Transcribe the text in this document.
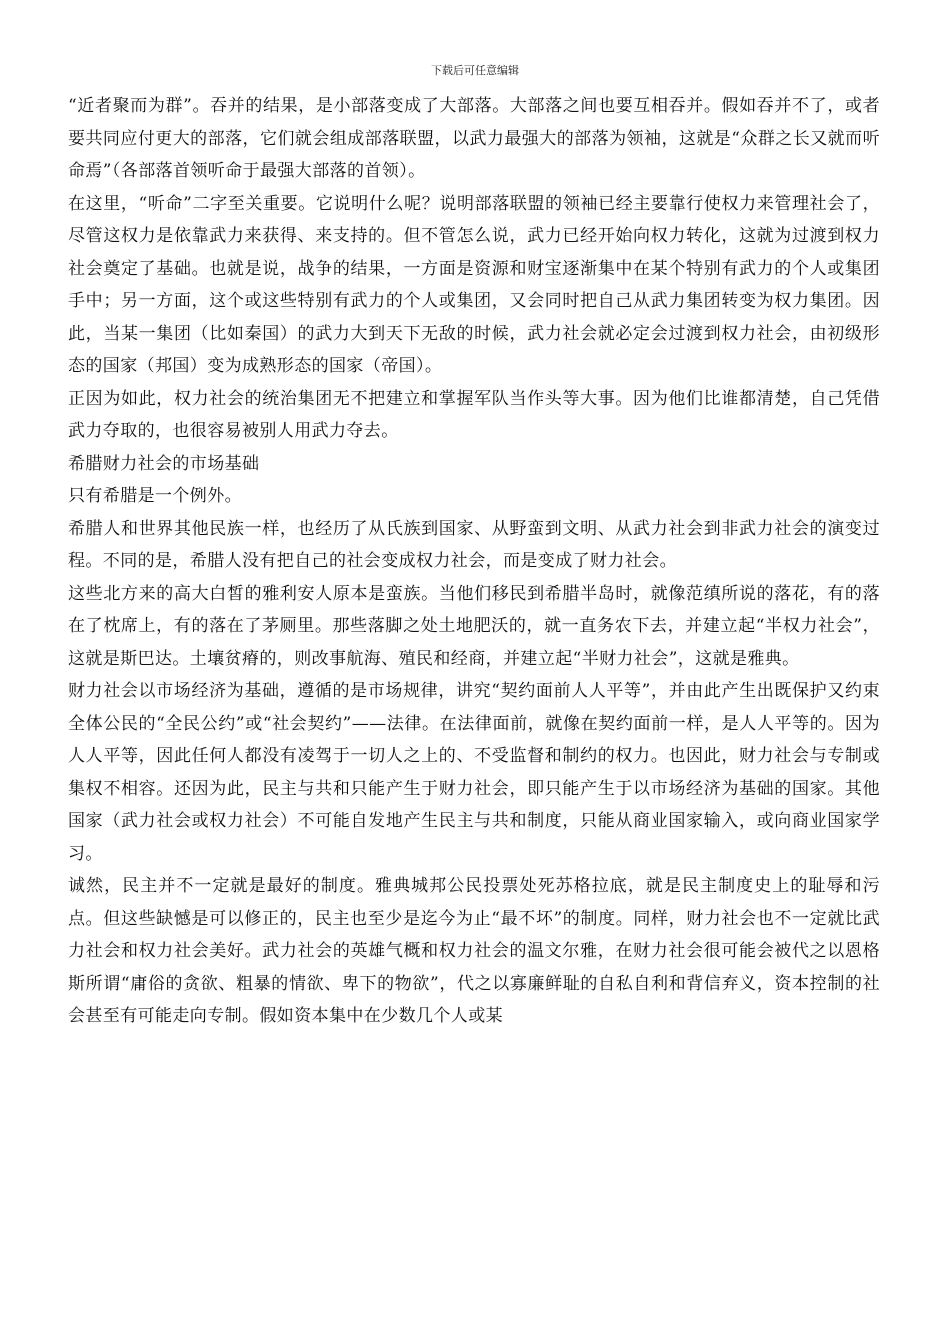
下载后可任意编辑

“近者聚而为群”。吞并的结果，是小部落变成了大部落。大部落之间也要互相吞并。假如吞并不了，或者要共同应付更大的部落，它们就会组成部落联盟，以武力最强大的部落为领袖，这就是“众群之长又就而听命焉”（各部落首领听命于最强大部落的首领）。

在这里，“听命”二字至关重要。它说明什么呢？说明部落联盟的领袖已经主要靠行使权力来管理社会了，尽管这权力是依靠武力来获得、来支持的。但不管怎么说，武力已经开始向权力转化，这就为过渡到权力社会奠定了基础。也就是说，战争的结果，一方面是资源和财宝逐渐集中在某个特别有武力的个人或集团手中；另一方面，这个或这些特别有武力的个人或集团，又会同时把自己从武力集团转变为权力集团。因此，当某一集团（比如秦国）的武力大到天下无敌的时候，武力社会就必定会过渡到权力社会，由初级形态的国家（邦国）变为成熟形态的国家（帝国）。

正因为如此，权力社会的统治集团无不把建立和掌握军队当作头等大事。因为他们比谁都清楚，自己凭借武力夺取的，也很容易被别人用武力夺去。

希腊财力社会的市场基础

只有希腊是一个例外。

希腊人和世界其他民族一样，也经历了从氏族到国家、从野蛮到文明、从武力社会到非武力社会的演变过程。不同的是，希腊人没有把自己的社会变成权力社会，而是变成了财力社会。

这些北方来的高大白皙的雅利安人原本是蛮族。当他们移民到希腊半岛时，就像范缜所说的落花，有的落在了枕席上，有的落在了茅厕里。那些落脚之处土地肥沃的，就一直务农下去，并建立起“半权力社会”，这就是斯巴达。土壤贫瘠的，则改事航海、殖民和经商，并建立起“半财力社会”，这就是雅典。

财力社会以市场经济为基础，遵循的是市场规律，讲究“契约面前人人平等”，并由此产生出既保护又约束全体公民的“全民公约”或“社会契约”——法律。在法律面前，就像在契约面前一样，是人人平等的。因为人人平等，因此任何人都没有凌驾于一切人之上的、不受监督和制约的权力。也因此，财力社会与专制或集权不相容。还因为此，民主与共和只能产生于财力社会，即只能产生于以市场经济为基础的国家。其他国家（武力社会或权力社会）不可能自发地产生民主与共和制度，只能从商业国家输入，或向商业国家学习。

诚然，民主并不一定就是最好的制度。雅典城邦公民投票处死苏格拉底，就是民主制度史上的耻辱和污点。但这些缺憾是可以修正的，民主也至少是迄今为止“最不坏”的制度。同样，财力社会也不一定就比武力社会和权力社会美好。武力社会的英雄气概和权力社会的温文尔雅，在财力社会很可能会被代之以恩格斯所谓“庸俗的贪欲、粗暴的情欲、卑下的物欲”，代之以寡廉鲜耻的自私自利和背信弃义，资本控制的社会甚至有可能走向专制。假如资本集中在少数几个人或某
